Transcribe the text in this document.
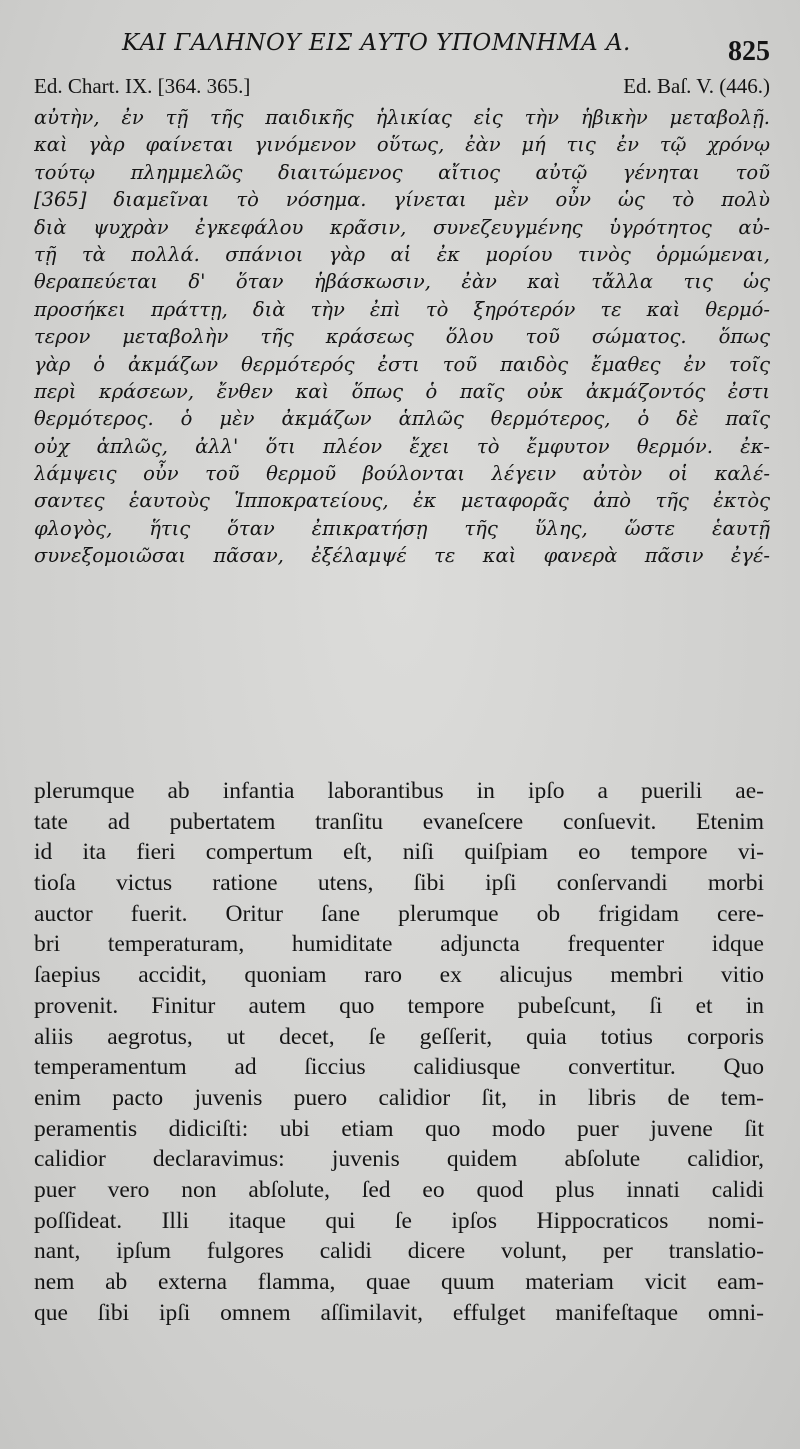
ΚΑΙ ΓΑΛΗΝΟΥ ΕΙΣ ΑΥΤΟ ΥΠΟΜΝΗΜΑ Α.	825
Ed. Chart. IX. [364. 365.]	Ed. Baſ. V. (446.)
αὐτὴν, ἐν τῇ τῆς παιδικῆς ἡλικίας εἰς τὴν ἡβικὴν μεταβολῇ.
καὶ γὰρ φαίνεται γινόμενον οὕτως, ἐὰν μή τις ἐν τῷ χρόνῳ
τούτῳ πλημμελῶς διαιτώμενος αἴτιος αὐτῷ γένηται τοῦ
[365] διαμεῖναι τὸ νόσημα. γίνεται μὲν οὖν ὡς τὸ πολὺ
διὰ ψυχρὰν ἐγκεφάλου κρᾶσιν, συνεζευγμένης ὑγρότητος αὐ-
τῇ τὰ πολλά. σπάνιοι γὰρ αἱ ἐκ μορίου τινὸς ὁρμώμεναι,
θεραπεύεται δ' ὅταν ἡβάσκωσιν, ἐὰν καὶ τἄλλα τις ὡς
προσήκει πράττῃ, διὰ τὴν ἐπὶ τὸ ξηρότερόν τε καὶ θερμό-
τερον μεταβολὴν τῆς κράσεως ὅλου τοῦ σώματος. ὅπως
γὰρ ὁ ἀκμάζων θερμότερός ἐστι τοῦ παιδὸς ἔμαθες ἐν τοῖς
περὶ κράσεων, ἔνθεν καὶ ὅπως ὁ παῖς οὐκ ἀκμάζοντός ἐστι
θερμότερος. ὁ μὲν ἀκμάζων ἁπλῶς θερμότερος, ὁ δὲ παῖς
οὐχ ἁπλῶς, ἀλλ' ὅτι πλέον ἔχει τὸ ἔμφυτον θερμόν. ἐκ-
λάμψεις οὖν τοῦ θερμοῦ βούλονται λέγειν αὐτὸν οἱ καλέ-
σαντες ἑαυτοὺς Ἱπποκρατείους, ἐκ μεταφορᾶς ἀπὸ τῆς ἐκτὸς
φλογὸς, ἥτις ὅταν ἐπικρατήσῃ τῆς ὕλης, ὥστε ἑαυτῇ
συνεξομοιῶσαι πᾶσαν, ἐξέλαμψέ τε καὶ φανερὰ πᾶσιν ἐγέ-
plerumque ab infantia laborantibus in ipſo a puerili ae-
tate ad pubertatem tranſitu evaneſcere conſuevit. Etenim
id ita fieri compertum eſt, niſi quiſpiam eo tempore vi-
tioſa victus ratione utens, ſibi ipſi conſervandi morbi
auctor fuerit. Oritur ſane plerumque ob frigidam cere-
bri temperaturam, humiditate adjuncta frequenter idque
ſaepius accidit, quoniam raro ex alicujus membri vitio
provenit. Finitur autem quo tempore pubeſcunt, ſi et in
aliis aegrotus, ut decet, ſe geſſerit, quia totius corporis
temperamentum ad ſiccius calidiusque convertitur. Quo
enim pacto juvenis puero calidior ſit, in libris de tem-
peramentis didiciſti: ubi etiam quo modo puer juvene ſit
calidior declaravimus: juvenis quidem abſolute calidior,
puer vero non abſolute, ſed eo quod plus innati calidi
poſſideat. Illi itaque qui ſe ipſos Hippocraticos nomi-
nant, ipſum fulgores calidi dicere volunt, per translatio-
nem ab externa flamma, quae quum materiam vicit eam-
que ſibi ipſi omnem aſſimilavit, effulget manifeſtaque omni-
